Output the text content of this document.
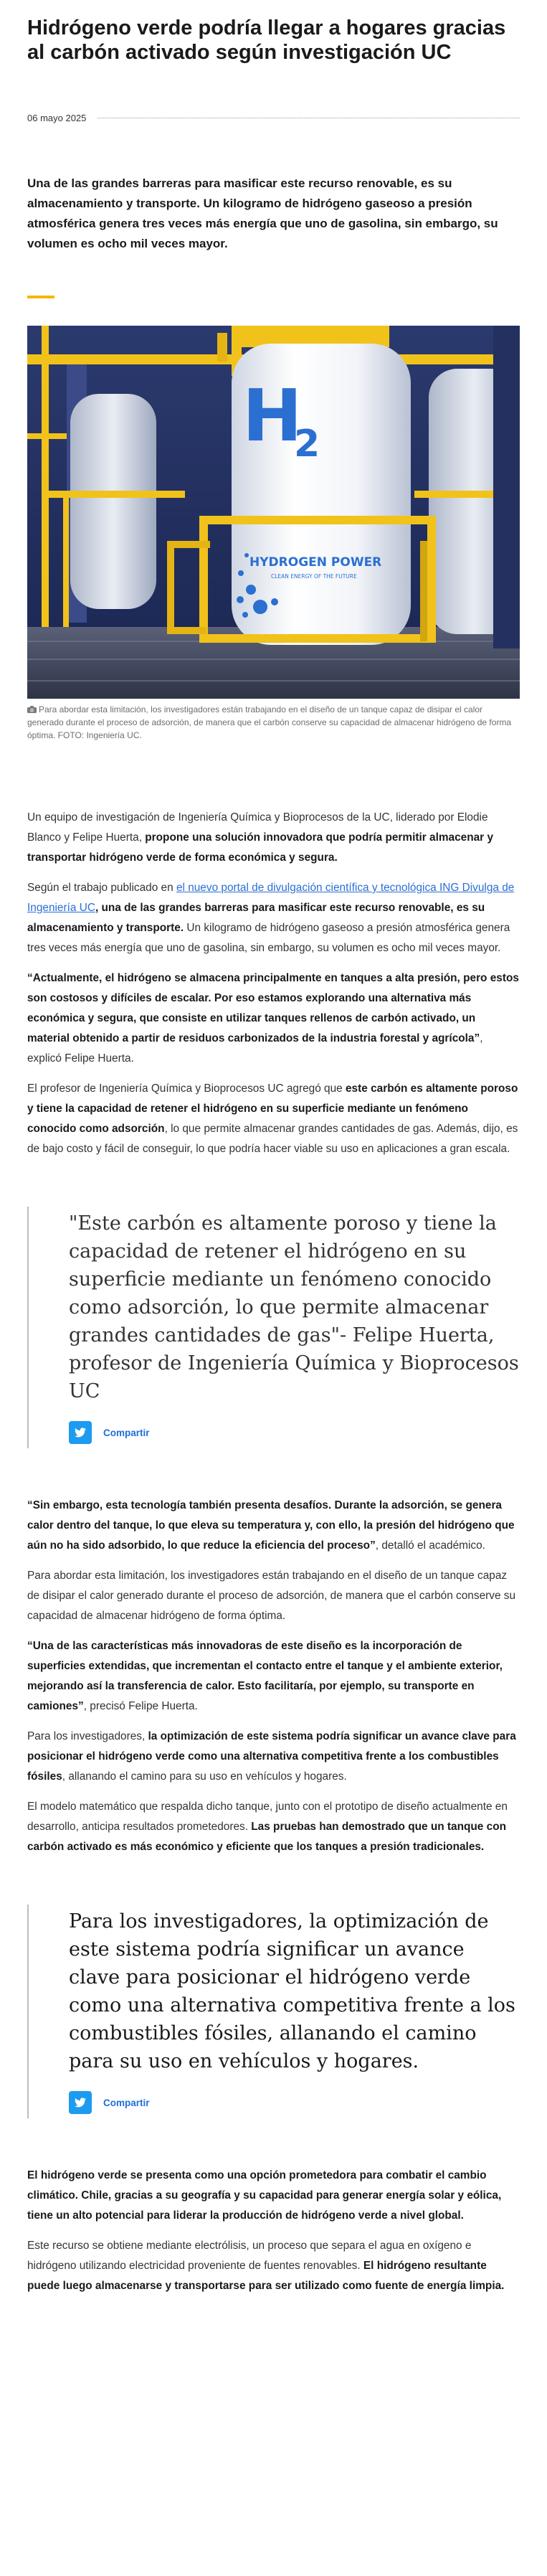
Hidrógeno verde podría llegar a hogares gracias al carbón activado según investigación UC
06 mayo 2025

Una de las grandes barreras para masificar este recurso renovable, es su almacenamiento y transporte. Un kilogramo de hidrógeno gaseoso a presión atmosférica genera tres veces más energía que uno de gasolina, sin embargo, su volumen es ocho mil veces mayor.

H
2
HYDROGEN POWER
CLEAN ENERGY OF THE FUTURE
Para abordar esta limitación, los investigadores están trabajando en el diseño de un tanque capaz de disipar el calor generado durante el proceso de adsorción, de manera que el carbón conserve su capacidad de almacenar hidrógeno de forma óptima. FOTO: Ingeniería UC.

Un equipo de investigación de Ingeniería Química y Bioprocesos de la UC, liderado por Elodie Blanco y Felipe Huerta, propone una solución innovadora que podría permitir almacenar y transportar hidrógeno verde de forma económica y segura.

Según el trabajo publicado en el nuevo portal de divulgación científica y tecnológica ING Divulga de Ingeniería UC, una de las grandes barreras para masificar este recurso renovable, es su almacenamiento y transporte. Un kilogramo de hidrógeno gaseoso a presión atmosférica genera tres veces más energía que uno de gasolina, sin embargo, su volumen es ocho mil veces mayor.

“Actualmente, el hidrógeno se almacena principalmente en tanques a alta presión, pero estos son costosos y difíciles de escalar. Por eso estamos explorando una alternativa más económica y segura, que consiste en utilizar tanques rellenos de carbón activado, un material obtenido a partir de residuos carbonizados de la industria forestal y agrícola”, explicó Felipe Huerta.

El profesor de Ingeniería Química y Bioprocesos UC agregó que este carbón es altamente poroso y tiene la capacidad de retener el hidrógeno en su superficie mediante un fenómeno conocido como adsorción, lo que permite almacenar grandes cantidades de gas. Además, dijo, es de bajo costo y fácil de conseguir, lo que podría hacer viable su uso en aplicaciones a gran escala.

"Este carbón es altamente poroso y tiene la capacidad de retener el hidrógeno en su superficie mediante un fenómeno conocido como adsorción, lo que permite almacenar grandes cantidades de gas"- Felipe Huerta, profesor de Ingeniería Química y Bioprocesos UC

Compartir

“Sin embargo, esta tecnología también presenta desafíos. Durante la adsorción, se genera calor dentro del tanque, lo que eleva su temperatura y, con ello, la presión del hidrógeno que aún no ha sido adsorbido, lo que reduce la eficiencia del proceso”, detalló el académico.

Para abordar esta limitación, los investigadores están trabajando en el diseño de un tanque capaz de disipar el calor generado durante el proceso de adsorción, de manera que el carbón conserve su capacidad de almacenar hidrógeno de forma óptima.

“Una de las características más innovadoras de este diseño es la incorporación de superficies extendidas, que incrementan el contacto entre el tanque y el ambiente exterior, mejorando así la transferencia de calor. Esto facilitaría, por ejemplo, su transporte en camiones”, precisó Felipe Huerta.

Para los investigadores, la optimización de este sistema podría significar un avance clave para posicionar el hidrógeno verde como una alternativa competitiva frente a los combustibles fósiles, allanando el camino para su uso en vehículos y hogares.

El modelo matemático que respalda dicho tanque, junto con el prototipo de diseño actualmente en desarrollo, anticipa resultados prometedores. Las pruebas han demostrado que un tanque con carbón activado es más económico y eficiente que los tanques a presión tradicionales.

Para los investigadores, la optimización de este sistema podría significar un avance clave para posicionar el hidrógeno verde como una alternativa competitiva frente a los combustibles fósiles, allanando el camino para su uso en vehículos y hogares.

Compartir

El hidrógeno verde se presenta como una opción prometedora para combatir el cambio climático. Chile, gracias a su geografía y su capacidad para generar energía solar y eólica, tiene un alto potencial para liderar la producción de hidrógeno verde a nivel global.

Este recurso se obtiene mediante electrólisis, un proceso que separa el agua en oxígeno e hidrógeno utilizando electricidad proveniente de fuentes renovables. El hidrógeno resultante puede luego almacenarse y transportarse para ser utilizado como fuente de energía limpia.
